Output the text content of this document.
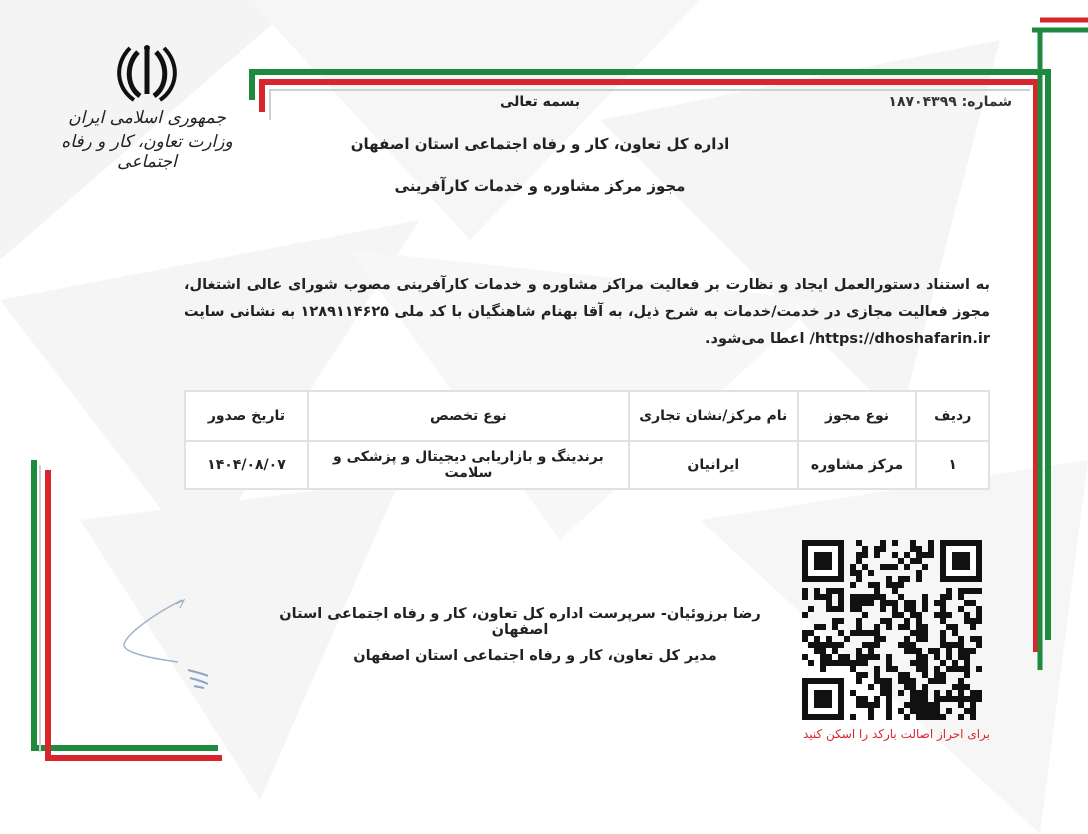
جمهوری اسلامی ایران
وزارت تعاون، کار و رفاه اجتماعی
شماره: ۱۸۷۰۴۳۹۹
بسمه تعالی
اداره کل تعاون، کار و رفاه اجتماعی استان اصفهان
مجوز مرکز مشاوره و خدمات کارآفرینی
به استناد دستورالعمل ایجاد و نظارت بر فعالیت مراکز مشاوره و خدمات کارآفرینی مصوب شورای عالی اشتغال، مجوز فعالیت مجازی در خدمت/خدمات به شرح ذیل، به آقا بهنام شاهنگیان با کد ملی ۱۲۸۹۱۱۴۶۲۵ به نشانی سایت https://dhoshafarin.ir/ اعطا می‌شود.
ردیف	نوع مجوز	نام مرکز/نشان تجاری	نوع تخصص	تاریخ صدور
۱	مرکز مشاوره	ایرانیان	برندینگ و بازاریابی دیجیتال و پزشکی و سلامت	۱۴۰۴/۰۸/۰۷
رضا برزوئیان- سرپرست اداره کل تعاون، کار و رفاه اجتماعی استان اصفهان
مدیر کل تعاون، کار و رفاه اجتماعی استان اصفهان
برای احراز اصالت بارکد را اسکن کنید
